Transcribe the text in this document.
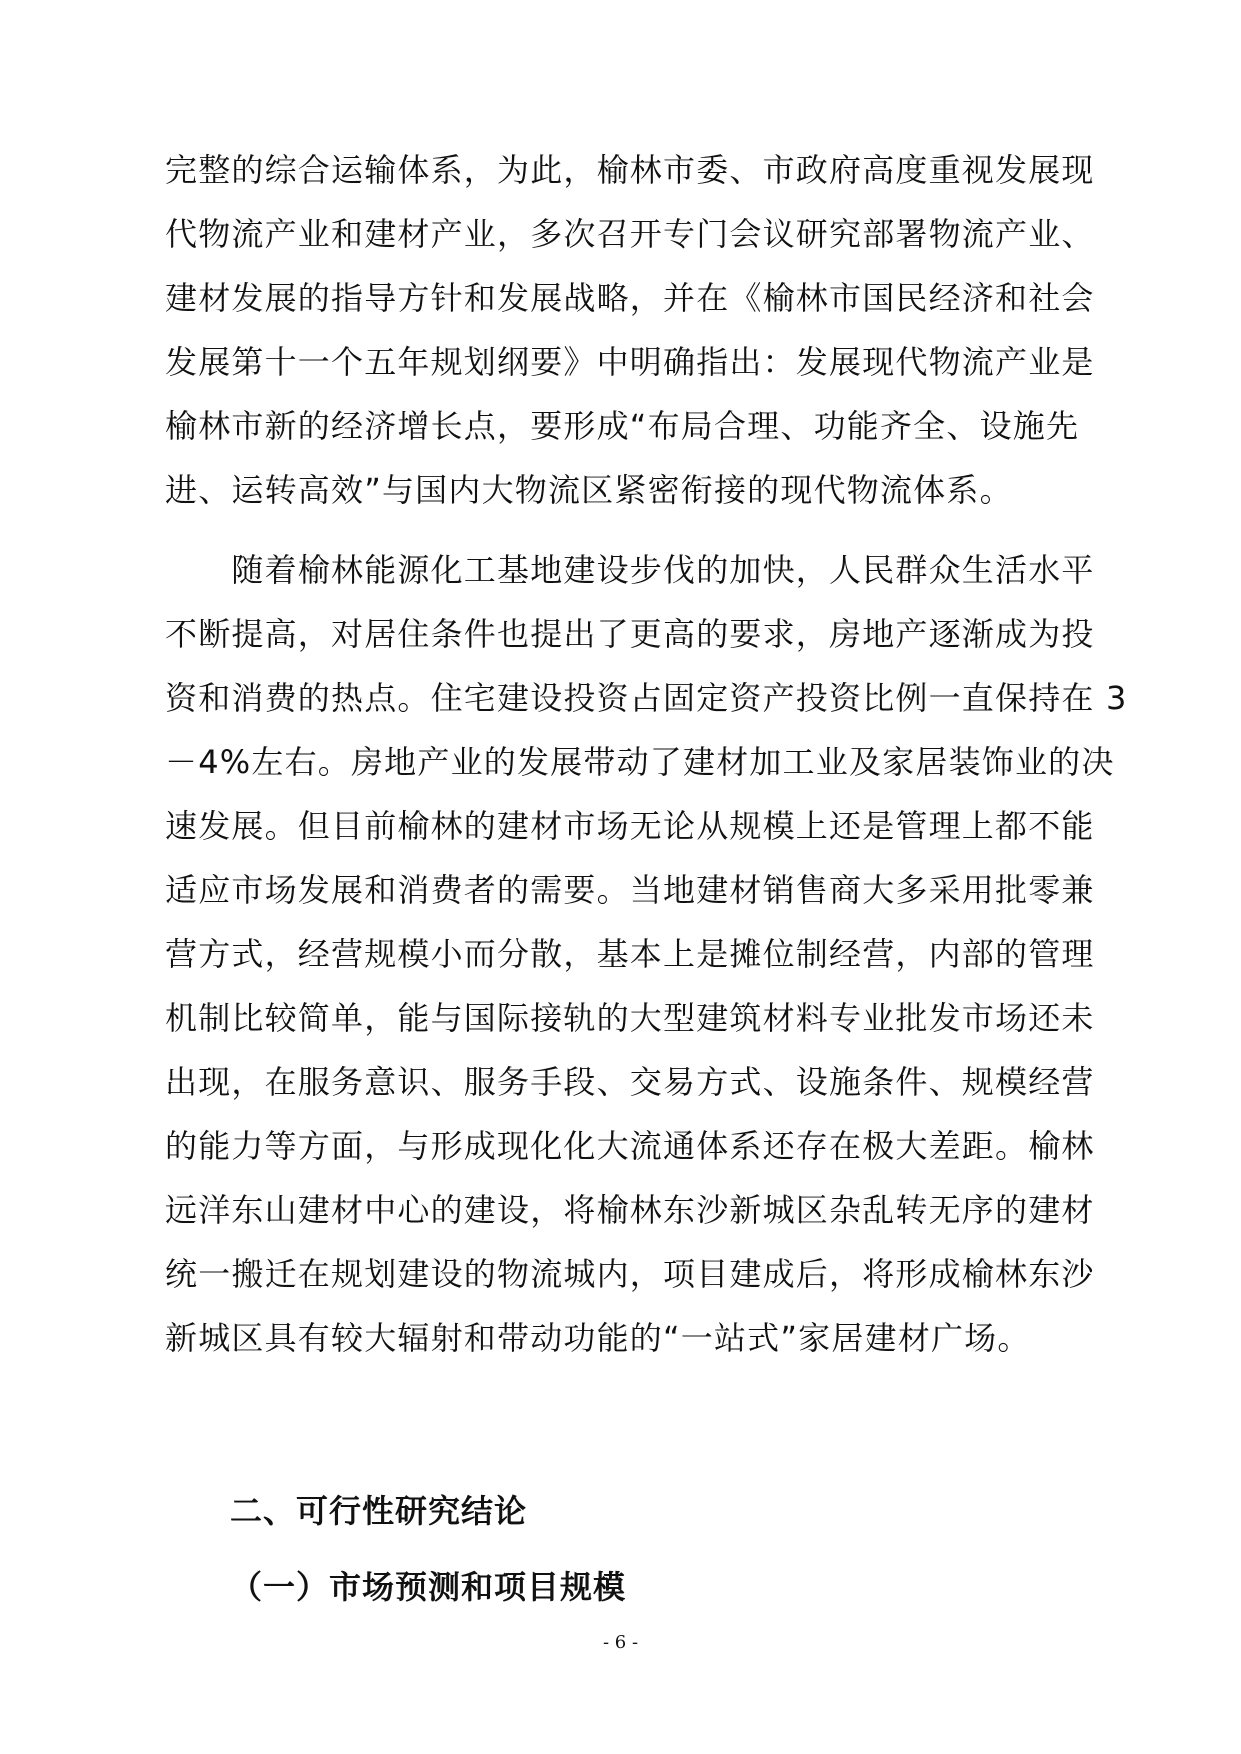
完整的综合运输体系，为此，榆林市委、市政府高度重视发展现
代物流产业和建材产业，多次召开专门会议研究部署物流产业、
建材发展的指导方针和发展战略，并在《榆林市国民经济和社会
发展第十一个五年规划纲要》中明确指出：发展现代物流产业是
榆林市新的经济增长点，要形成“布局合理、功能齐全、设施先
进、运转高效”与国内大物流区紧密衔接的现代物流体系。

　　随着榆林能源化工基地建设步伐的加快，人民群众生活水平
不断提高，对居住条件也提出了更高的要求，房地产逐渐成为投
资和消费的热点。住宅建设投资占固定资产投资比例一直保持在 3
－4%左右。房地产业的发展带动了建材加工业及家居装饰业的决
速发展。但目前榆林的建材市场无论从规模上还是管理上都不能
适应市场发展和消费者的需要。当地建材销售商大多采用批零兼
营方式，经营规模小而分散，基本上是摊位制经营，内部的管理
机制比较简单，能与国际接轨的大型建筑材料专业批发市场还未
出现，在服务意识、服务手段、交易方式、设施条件、规模经营
的能力等方面，与形成现化化大流通体系还存在极大差距。榆林
远洋东山建材中心的建设，将榆林东沙新城区杂乱转无序的建材
统一搬迁在规划建设的物流城内，项目建成后，将形成榆林东沙
新城区具有较大辐射和带动功能的“一站式”家居建材广场。

二、可行性研究结论
（一）市场预测和项目规模
- 6 -
